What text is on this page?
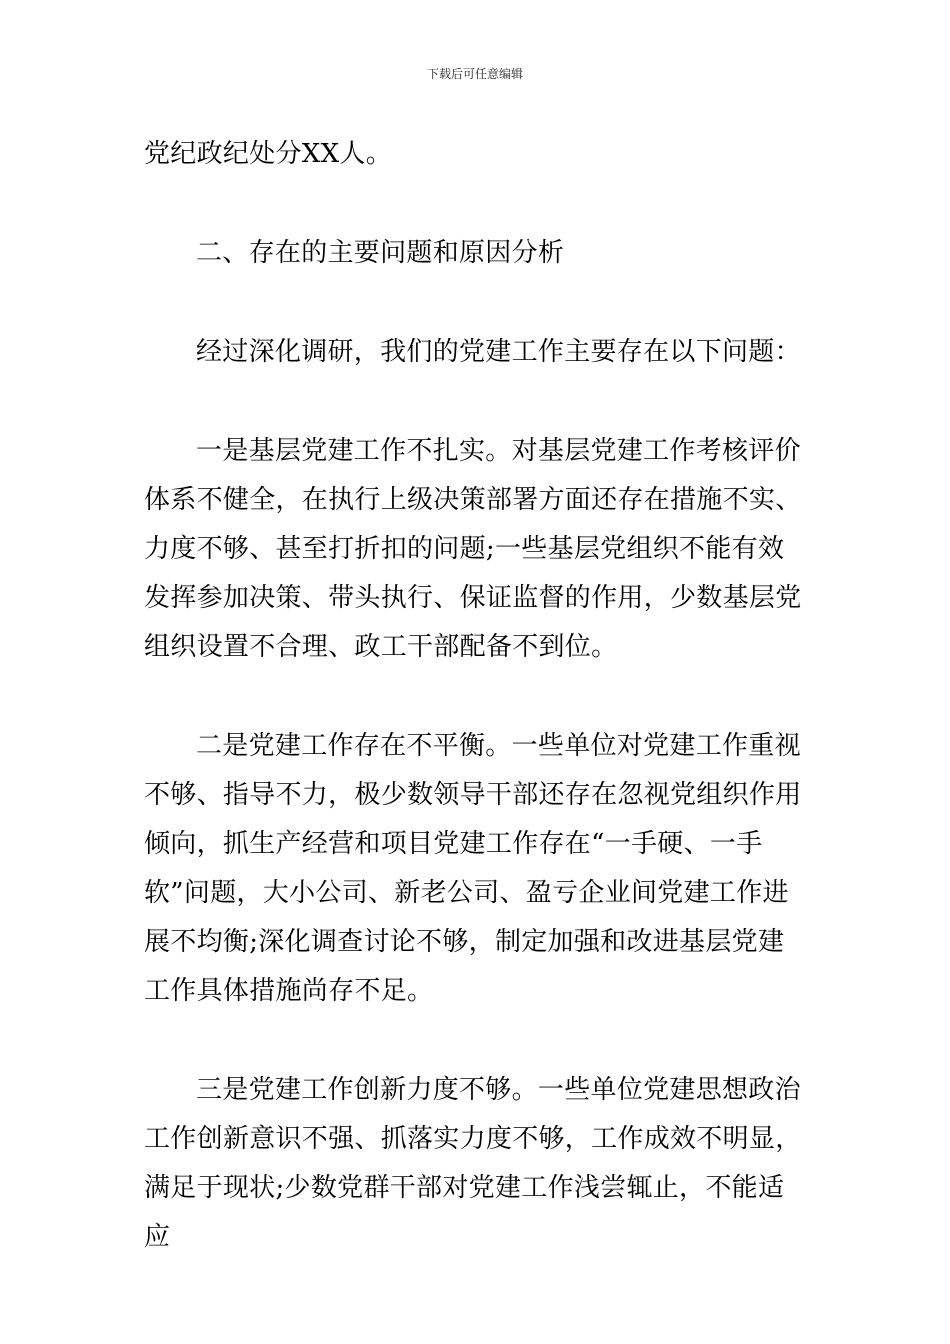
下载后可任意编辑

党纪政纪处分XX人。

二、存在的主要问题和原因分析

经过深化调研，我们的党建工作主要存在以下问题：

一是基层党建工作不扎实。对基层党建工作考核评价体系不健全，在执行上级决策部署方面还存在措施不实、力度不够、甚至打折扣的问题;一些基层党组织不能有效发挥参加决策、带头执行、保证监督的作用，少数基层党组织设置不合理、政工干部配备不到位。

二是党建工作存在不平衡。一些单位对党建工作重视不够、指导不力，极少数领导干部还存在忽视党组织作用倾向，抓生产经营和项目党建工作存在“一手硬、一手软”问题，大小公司、新老公司、盈亏企业间党建工作进展不均衡;深化调查讨论不够，制定加强和改进基层党建工作具体措施尚存不足。

三是党建工作创新力度不够。一些单位党建思想政治工作创新意识不强、抓落实力度不够，工作成效不明显，满足于现状;少数党群干部对党建工作浅尝辄止，不能适应
